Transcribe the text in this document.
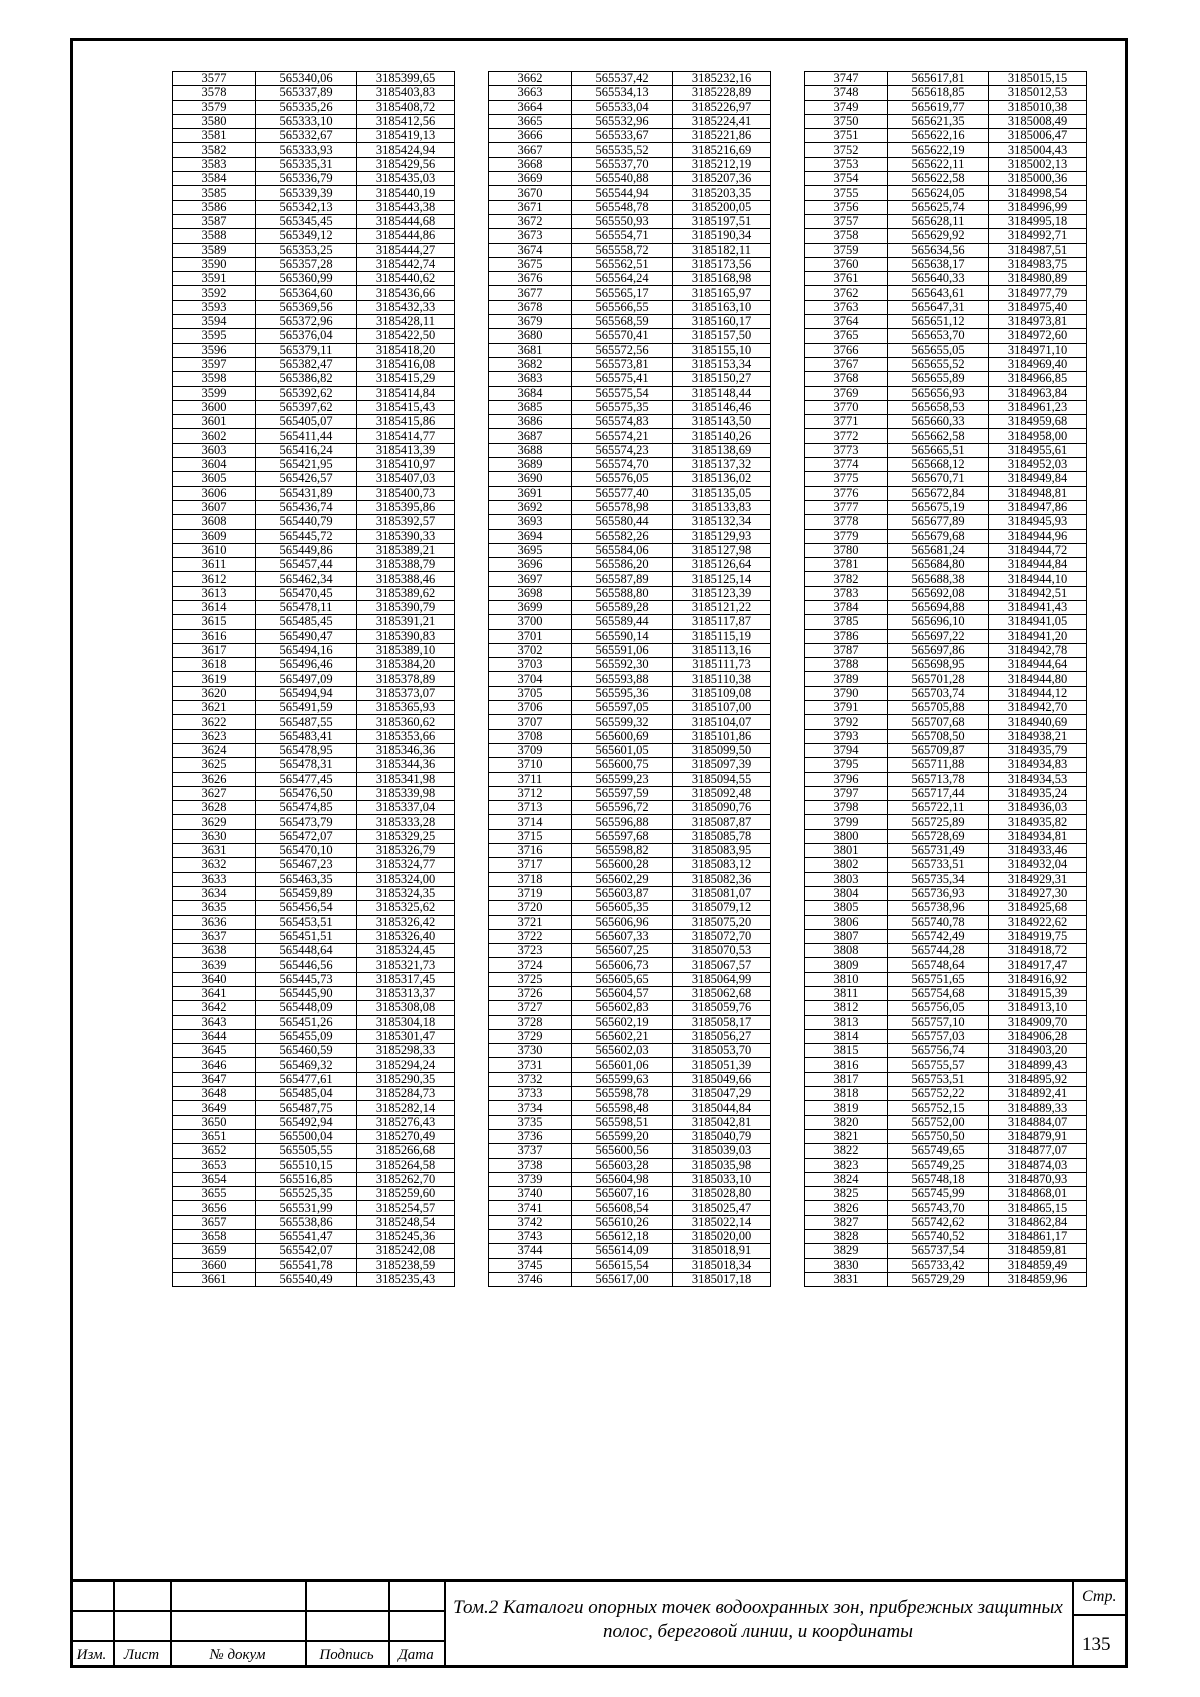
3577	565340,06	3185399,65
3578	565337,89	3185403,83
3579	565335,26	3185408,72
3580	565333,10	3185412,56
3581	565332,67	3185419,13
3582	565333,93	3185424,94
3583	565335,31	3185429,56
3584	565336,79	3185435,03
3585	565339,39	3185440,19
3586	565342,13	3185443,38
3587	565345,45	3185444,68
3588	565349,12	3185444,86
3589	565353,25	3185444,27
3590	565357,28	3185442,74
3591	565360,99	3185440,62
3592	565364,60	3185436,66
3593	565369,56	3185432,33
3594	565372,96	3185428,11
3595	565376,04	3185422,50
3596	565379,11	3185418,20
3597	565382,47	3185416,08
3598	565386,82	3185415,29
3599	565392,62	3185414,84
3600	565397,62	3185415,43
3601	565405,07	3185415,86
3602	565411,44	3185414,77
3603	565416,24	3185413,39
3604	565421,95	3185410,97
3605	565426,57	3185407,03
3606	565431,89	3185400,73
3607	565436,74	3185395,86
3608	565440,79	3185392,57
3609	565445,72	3185390,33
3610	565449,86	3185389,21
3611	565457,44	3185388,79
3612	565462,34	3185388,46
3613	565470,45	3185389,62
3614	565478,11	3185390,79
3615	565485,45	3185391,21
3616	565490,47	3185390,83
3617	565494,16	3185389,10
3618	565496,46	3185384,20
3619	565497,09	3185378,89
3620	565494,94	3185373,07
3621	565491,59	3185365,93
3622	565487,55	3185360,62
3623	565483,41	3185353,66
3624	565478,95	3185346,36
3625	565478,31	3185344,36
3626	565477,45	3185341,98
3627	565476,50	3185339,98
3628	565474,85	3185337,04
3629	565473,79	3185333,28
3630	565472,07	3185329,25
3631	565470,10	3185326,79
3632	565467,23	3185324,77
3633	565463,35	3185324,00
3634	565459,89	3185324,35
3635	565456,54	3185325,62
3636	565453,51	3185326,42
3637	565451,51	3185326,40
3638	565448,64	3185324,45
3639	565446,56	3185321,73
3640	565445,73	3185317,45
3641	565445,90	3185313,37
3642	565448,09	3185308,08
3643	565451,26	3185304,18
3644	565455,09	3185301,47
3645	565460,59	3185298,33
3646	565469,32	3185294,24
3647	565477,61	3185290,35
3648	565485,04	3185284,73
3649	565487,75	3185282,14
3650	565492,94	3185276,43
3651	565500,04	3185270,49
3652	565505,55	3185266,68
3653	565510,15	3185264,58
3654	565516,85	3185262,70
3655	565525,35	3185259,60
3656	565531,99	3185254,57
3657	565538,86	3185248,54
3658	565541,47	3185245,36
3659	565542,07	3185242,08
3660	565541,78	3185238,59
3661	565540,49	3185235,43
3662	565537,42	3185232,16
3663	565534,13	3185228,89
3664	565533,04	3185226,97
3665	565532,96	3185224,41
3666	565533,67	3185221,86
3667	565535,52	3185216,69
3668	565537,70	3185212,19
3669	565540,88	3185207,36
3670	565544,94	3185203,35
3671	565548,78	3185200,05
3672	565550,93	3185197,51
3673	565554,71	3185190,34
3674	565558,72	3185182,11
3675	565562,51	3185173,56
3676	565564,24	3185168,98
3677	565565,17	3185165,97
3678	565566,55	3185163,10
3679	565568,59	3185160,17
3680	565570,41	3185157,50
3681	565572,56	3185155,10
3682	565573,81	3185153,34
3683	565575,41	3185150,27
3684	565575,54	3185148,44
3685	565575,35	3185146,46
3686	565574,83	3185143,50
3687	565574,21	3185140,26
3688	565574,23	3185138,69
3689	565574,70	3185137,32
3690	565576,05	3185136,02
3691	565577,40	3185135,05
3692	565578,98	3185133,83
3693	565580,44	3185132,34
3694	565582,26	3185129,93
3695	565584,06	3185127,98
3696	565586,20	3185126,64
3697	565587,89	3185125,14
3698	565588,80	3185123,39
3699	565589,28	3185121,22
3700	565589,44	3185117,87
3701	565590,14	3185115,19
3702	565591,06	3185113,16
3703	565592,30	3185111,73
3704	565593,88	3185110,38
3705	565595,36	3185109,08
3706	565597,05	3185107,00
3707	565599,32	3185104,07
3708	565600,69	3185101,86
3709	565601,05	3185099,50
3710	565600,75	3185097,39
3711	565599,23	3185094,55
3712	565597,59	3185092,48
3713	565596,72	3185090,76
3714	565596,88	3185087,87
3715	565597,68	3185085,78
3716	565598,82	3185083,95
3717	565600,28	3185083,12
3718	565602,29	3185082,36
3719	565603,87	3185081,07
3720	565605,35	3185079,12
3721	565606,96	3185075,20
3722	565607,33	3185072,70
3723	565607,25	3185070,53
3724	565606,73	3185067,57
3725	565605,65	3185064,99
3726	565604,57	3185062,68
3727	565602,83	3185059,76
3728	565602,19	3185058,17
3729	565602,21	3185056,27
3730	565602,03	3185053,70
3731	565601,06	3185051,39
3732	565599,63	3185049,66
3733	565598,78	3185047,29
3734	565598,48	3185044,84
3735	565598,51	3185042,81
3736	565599,20	3185040,79
3737	565600,56	3185039,03
3738	565603,28	3185035,98
3739	565604,98	3185033,10
3740	565607,16	3185028,80
3741	565608,54	3185025,47
3742	565610,26	3185022,14
3743	565612,18	3185020,00
3744	565614,09	3185018,91
3745	565615,54	3185018,34
3746	565617,00	3185017,18
3747	565617,81	3185015,15
3748	565618,85	3185012,53
3749	565619,77	3185010,38
3750	565621,35	3185008,49
3751	565622,16	3185006,47
3752	565622,19	3185004,43
3753	565622,11	3185002,13
3754	565622,58	3185000,36
3755	565624,05	3184998,54
3756	565625,74	3184996,99
3757	565628,11	3184995,18
3758	565629,92	3184992,71
3759	565634,56	3184987,51
3760	565638,17	3184983,75
3761	565640,33	3184980,89
3762	565643,61	3184977,79
3763	565647,31	3184975,40
3764	565651,12	3184973,81
3765	565653,70	3184972,60
3766	565655,05	3184971,10
3767	565655,52	3184969,40
3768	565655,89	3184966,85
3769	565656,93	3184963,84
3770	565658,53	3184961,23
3771	565660,33	3184959,68
3772	565662,58	3184958,00
3773	565665,51	3184955,61
3774	565668,12	3184952,03
3775	565670,71	3184949,84
3776	565672,84	3184948,81
3777	565675,19	3184947,86
3778	565677,89	3184945,93
3779	565679,68	3184944,96
3780	565681,24	3184944,72
3781	565684,80	3184944,84
3782	565688,38	3184944,10
3783	565692,08	3184942,51
3784	565694,88	3184941,43
3785	565696,10	3184941,05
3786	565697,22	3184941,20
3787	565697,86	3184942,78
3788	565698,95	3184944,64
3789	565701,28	3184944,80
3790	565703,74	3184944,12
3791	565705,88	3184942,70
3792	565707,68	3184940,69
3793	565708,50	3184938,21
3794	565709,87	3184935,79
3795	565711,88	3184934,83
3796	565713,78	3184934,53
3797	565717,44	3184935,24
3798	565722,11	3184936,03
3799	565725,89	3184935,82
3800	565728,69	3184934,81
3801	565731,49	3184933,46
3802	565733,51	3184932,04
3803	565735,34	3184929,31
3804	565736,93	3184927,30
3805	565738,96	3184925,68
3806	565740,78	3184922,62
3807	565742,49	3184919,75
3808	565744,28	3184918,72
3809	565748,64	3184917,47
3810	565751,65	3184916,92
3811	565754,68	3184915,39
3812	565756,05	3184913,10
3813	565757,10	3184909,70
3814	565757,03	3184906,28
3815	565756,74	3184903,20
3816	565755,57	3184899,43
3817	565753,51	3184895,92
3818	565752,22	3184892,41
3819	565752,15	3184889,33
3820	565752,00	3184884,07
3821	565750,50	3184879,91
3822	565749,65	3184877,07
3823	565749,25	3184874,03
3824	565748,18	3184870,93
3825	565745,99	3184868,01
3826	565743,70	3184865,15
3827	565742,62	3184862,84
3828	565740,52	3184861,17
3829	565737,54	3184859,81
3830	565733,42	3184859,49
3831	565729,29	3184859,96
Изм.	Лист	№ докум	Подпись	Дата
Том.2 Каталоги опорных точек водоохранных зон, прибрежных защитных полос, береговой линии, и координаты
Стр.
135
